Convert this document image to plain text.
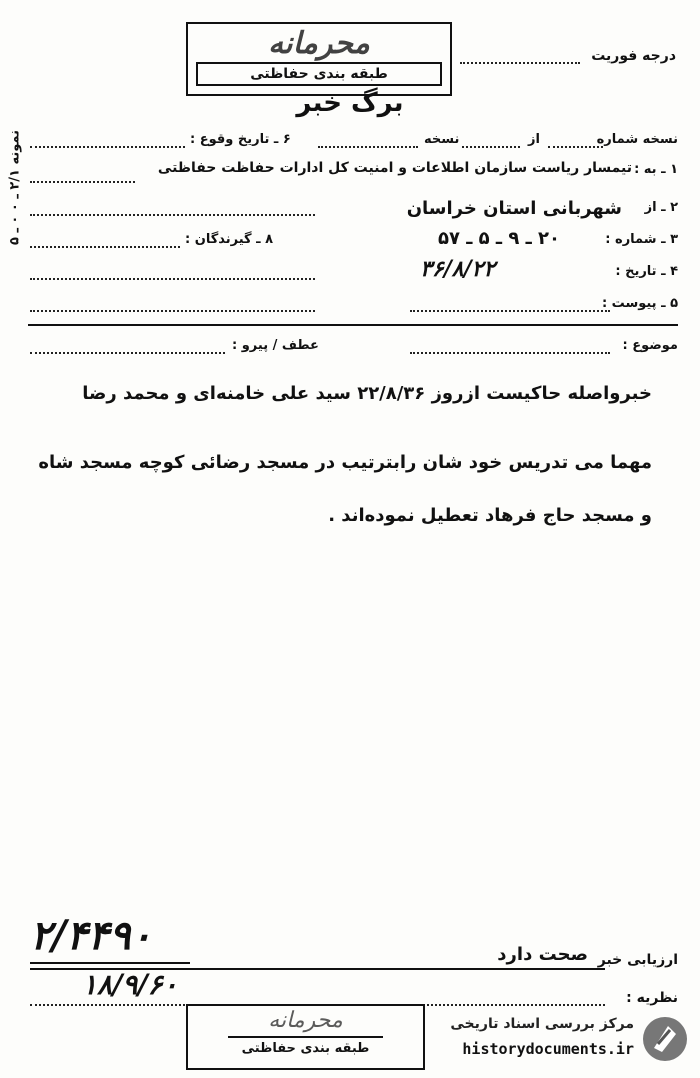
محرمانه
طبقه بندی حفاظتی
درجه فوریت
برگ خبر
نمونه ۲/۱ ـ ۰ ۰ ـ ۵	نسخه شماره
از
نسخه
۶ ـ تاریخ وقوع :
۱ ـ به :
تیمسار ریاست سازمان اطلاعات و امنیت کل ادارات حفاظت حفاظتی
۲ ـ از
شهربانی استان خراسان
۳ ـ شماره :
۲۰ ـ ۹ ـ ۵ ـ ۵۷
۸ ـ گیرندگان :
۴ ـ تاریخ :
۳۶/۸/۲۲
۵ ـ پیوست :
موضوع :
عطف / پیرو :
خبرواصله حاکیست ازروز ۲۲/۸/۳۶ سید علی خامنه‌ای و محمد رضا
مهما می تدریس خود شان رابترتیب در مسجد رضائی کوچه مسجد شاه
و مسجد حاج فرهاد تعطیل نموده‌اند .
۲/۴۴۹۰
۱۸/۹/۶۰
ارزیابی خبر
صحت دارد
نظریه :
محرمانه
طبقه بندی حفاظتی
مرکز بررسی اسناد تاریخی
historydocuments.ir
